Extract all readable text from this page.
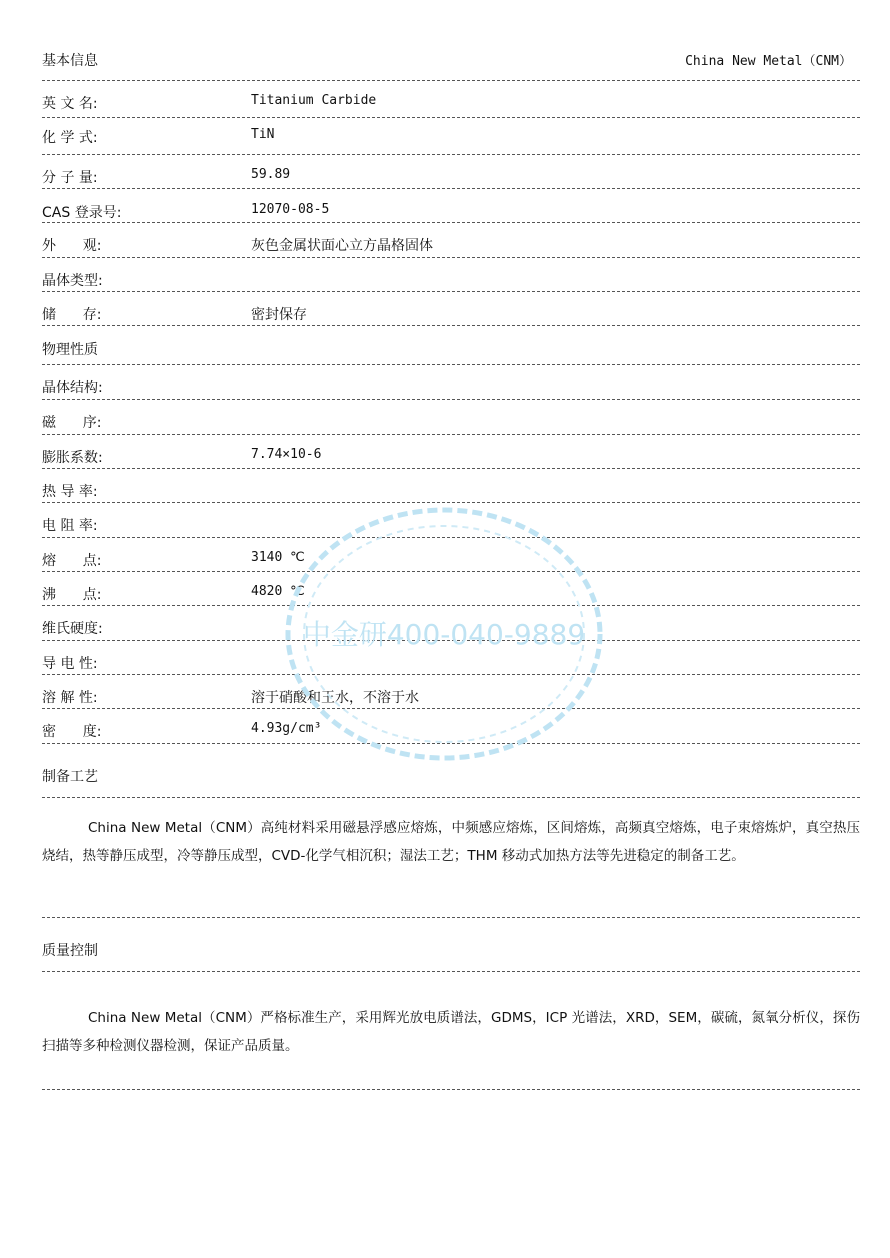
基本信息	China New Metal（CNM）
英 文 名:	Titanium Carbide
化 学 式:	TiN
分 子 量:	59.89
CAS 登录号:	12070-08-5
外      观:	灰色金属状面心立方晶格固体
晶体类型:
储      存:	密封保存
物理性质
晶体结构:
磁      序:
膨胀系数:	7.74×10-6
热 导 率:
电 阻 率:
熔      点:	3140 ℃
沸      点:	4820 ℃
维氏硬度:
导 电 性:
溶 解 性:	溶于硝酸和王水，不溶于水
密      度:	4.93g/cm³
制备工艺
China New Metal（CNM）高纯材料采用磁悬浮感应熔炼，中频感应熔炼，区间熔炼，高频真空熔炼，电子束熔炼炉，真空热压烧结，热等静压成型，冷等静压成型，CVD-化学气相沉积；湿法工艺；THM 移动式加热方法等先进稳定的制备工艺。
质量控制
China New Metal（CNM）严格标准生产，采用辉光放电质谱法，GDMS，ICP 光谱法，XRD，SEM，碳硫，氮氧分析仪，探伤扫描等多种检测仪器检测，保证产品质量。
中金研400-040-9889
